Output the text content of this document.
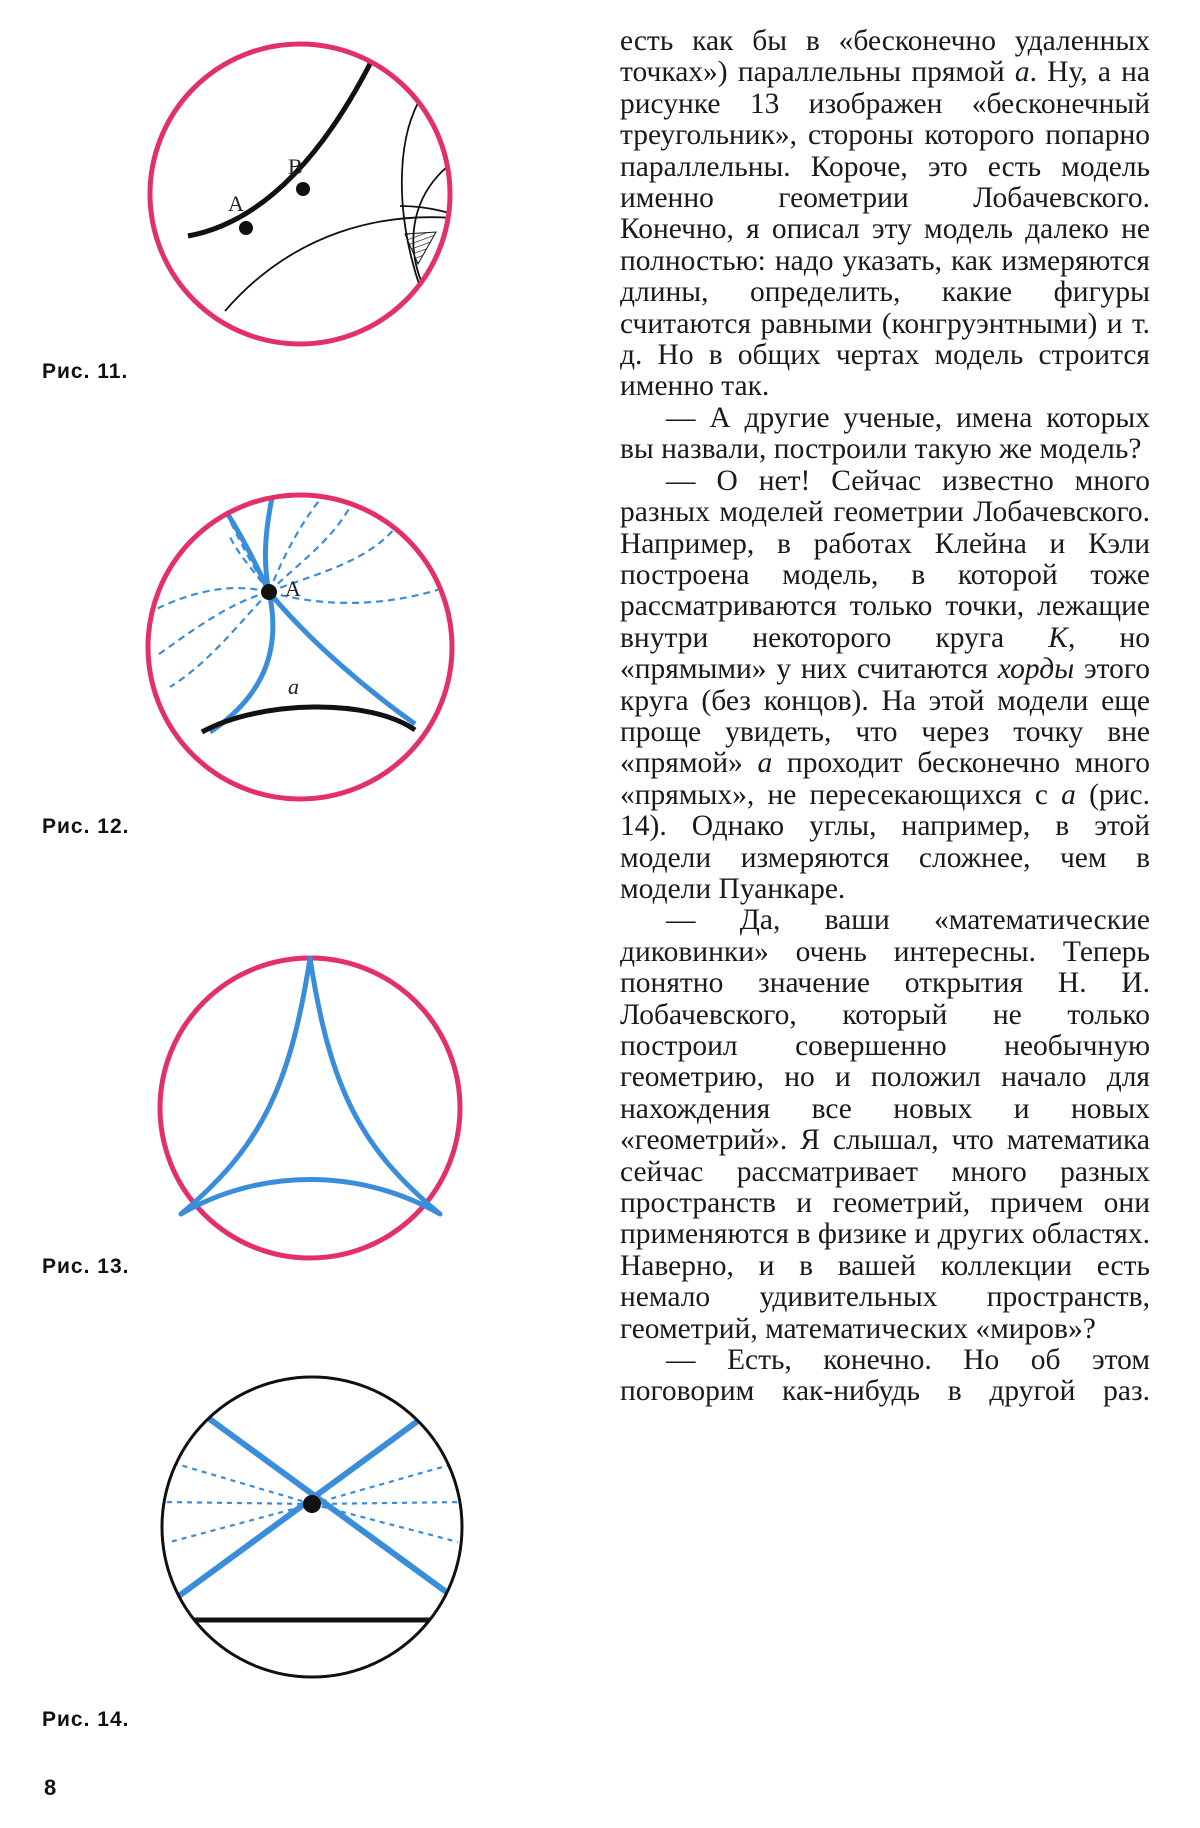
A
B
Рис. 11.
A
a
Рис. 12.
Рис. 13.
Рис. 14.
8

есть как бы в «бесконечно удаленных точках») параллельны прямой a. Ну, а на рисунке 13 изображен «бесконечный треугольник», стороны которого попарно параллельны. Короче, это есть модель именно геометрии Лобачевского. Конечно, я описал эту модель далеко не полностью: надо указать, как измеряются длины, определить, какие фигуры считаются равными (конгруэнтными) и т. д. Но в общих чертах модель строится именно так.

— А другие ученые, имена которых вы назвали, построили такую же модель?

— О нет! Сейчас известно много разных моделей геометрии Лобачевского. Например, в работах Клейна и Кэли построена модель, в которой тоже рассматриваются только точки, лежащие внутри некоторого круга K, но «прямыми» у них считаются хорды этого круга (без концов). На этой модели еще проще увидеть, что через точку вне «прямой» a проходит бесконечно много «прямых», не пересекающихся с a (рис. 14). Однако углы, например, в этой модели измеряются сложнее, чем в модели Пуанкаре.

— Да, ваши «математические диковинки» очень интересны. Теперь понятно значение открытия Н. И. Лобачевского, который не только построил совершенно необычную геометрию, но и положил начало для нахождения все новых и новых «геометрий». Я слышал, что математика сейчас рассматривает много разных пространств и геометрий, причем они применяются в физике и других областях. Наверно, и в вашей коллекции есть немало удивительных пространств, геометрий, математических «миров»?

— Есть, конечно. Но об этом поговорим как-нибудь в другой раз.
